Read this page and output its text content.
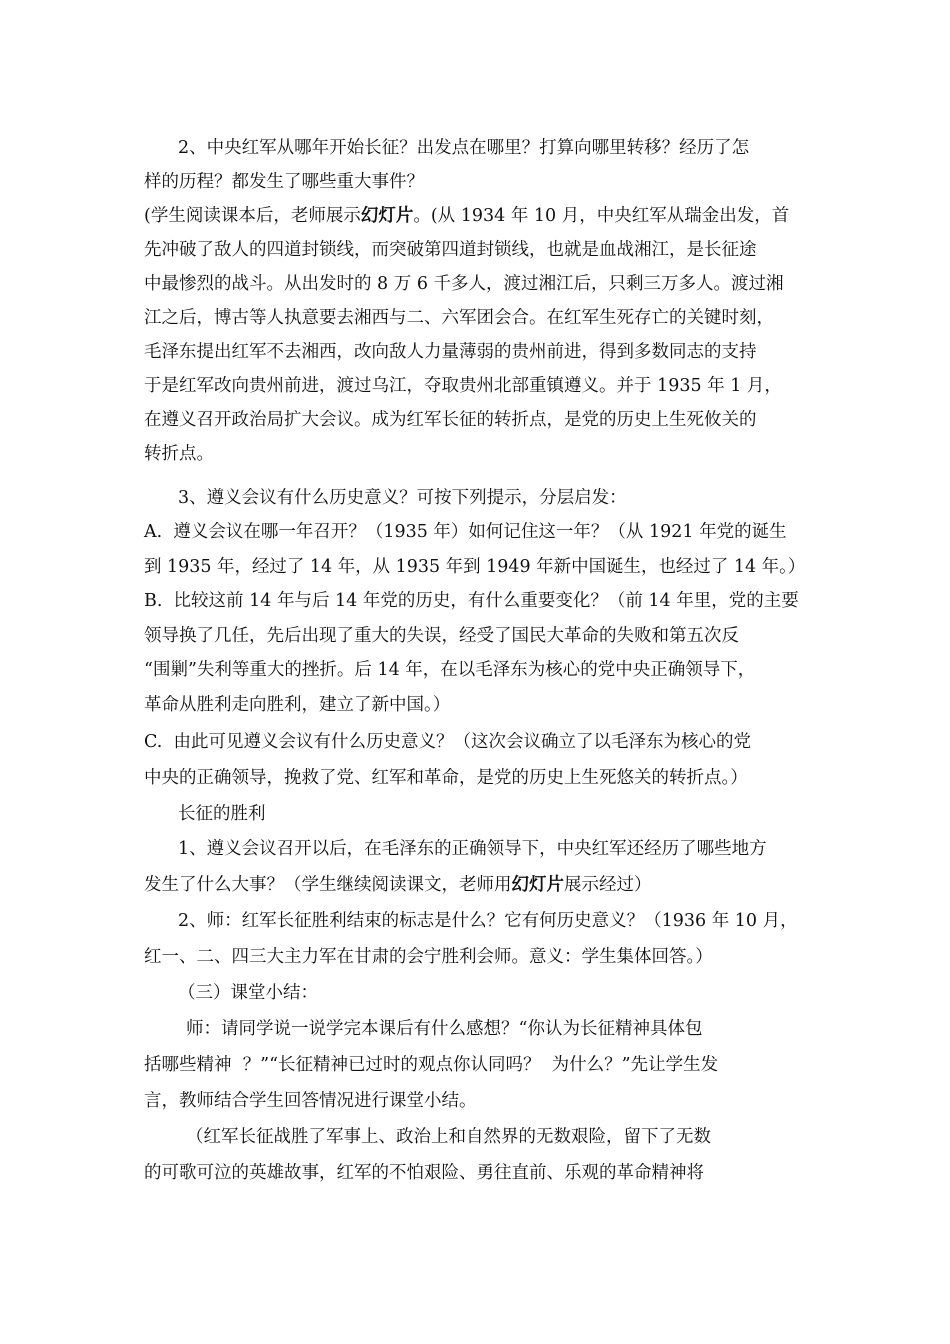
2、中央红军从哪年开始长征？出发点在哪里？打算向哪里转移？经历了怎
样的历程？都发生了哪些重大事件？
(学生阅读课本后，老师展示幻灯片。(从 1934 年 10 月，中央红军从瑞金出发，首
先冲破了敌人的四道封锁线，而突破第四道封锁线，也就是血战湘江，是长征途
中最惨烈的战斗。从出发时的 8 万 6 千多人，渡过湘江后，只剩三万多人。渡过湘
江之后，博古等人执意要去湘西与二、六军团会合。在红军生死存亡的关键时刻，
毛泽东提出红军不去湘西，改向敌人力量薄弱的贵州前进，得到多数同志的支持
于是红军改向贵州前进，渡过乌江，夺取贵州北部重镇遵义。并于 1935 年 1 月，
在遵义召开政治局扩大会议。成为红军长征的转折点，是党的历史上生死攸关的
转折点。
3、遵义会议有什么历史意义？可按下列提示，分层启发：
A.  遵义会议在哪一年召开？（1935 年）如何记住这一年？（从 1921 年党的诞生
到 1935 年，经过了 14 年，从 1935 年到 1949 年新中国诞生，也经过了 14 年。）
B.  比较这前 14 年与后 14 年党的历史，有什么重要变化？（前 14 年里，党的主要
领导换了几任，先后出现了重大的失误，经受了国民大革命的失败和第五次反
“围剿”失利等重大的挫折。后 14 年，在以毛泽东为核心的党中央正确领导下，
革命从胜利走向胜利，建立了新中国。）
C.  由此可见遵义会议有什么历史意义？（这次会议确立了以毛泽东为核心的党
中央的正确领导，挽救了党、红军和革命，是党的历史上生死悠关的转折点。）
长征的胜利
1、遵义会议召开以后，在毛泽东的正确领导下，中央红军还经历了哪些地方
发生了什么大事？（学生继续阅读课文，老师用幻灯片展示经过）
2、师：红军长征胜利结束的标志是什么？它有何历史意义？（1936 年 10 月，
红一、二、四三大主力军在甘肃的会宁胜利会师。意义：学生集体回答。）
（三）课堂小结：
师：请同学说一说学完本课后有什么感想？“你认为长征精神具体包
括哪些精神  ？”“长征精神已过时的观点你认同吗？  为什么？”先让学生发
言，教师结合学生回答情况进行课堂小结。
（红军长征战胜了军事上、政治上和自然界的无数艰险，留下了无数
的可歌可泣的英雄故事，红军的不怕艰险、勇往直前、乐观的革命精神将
